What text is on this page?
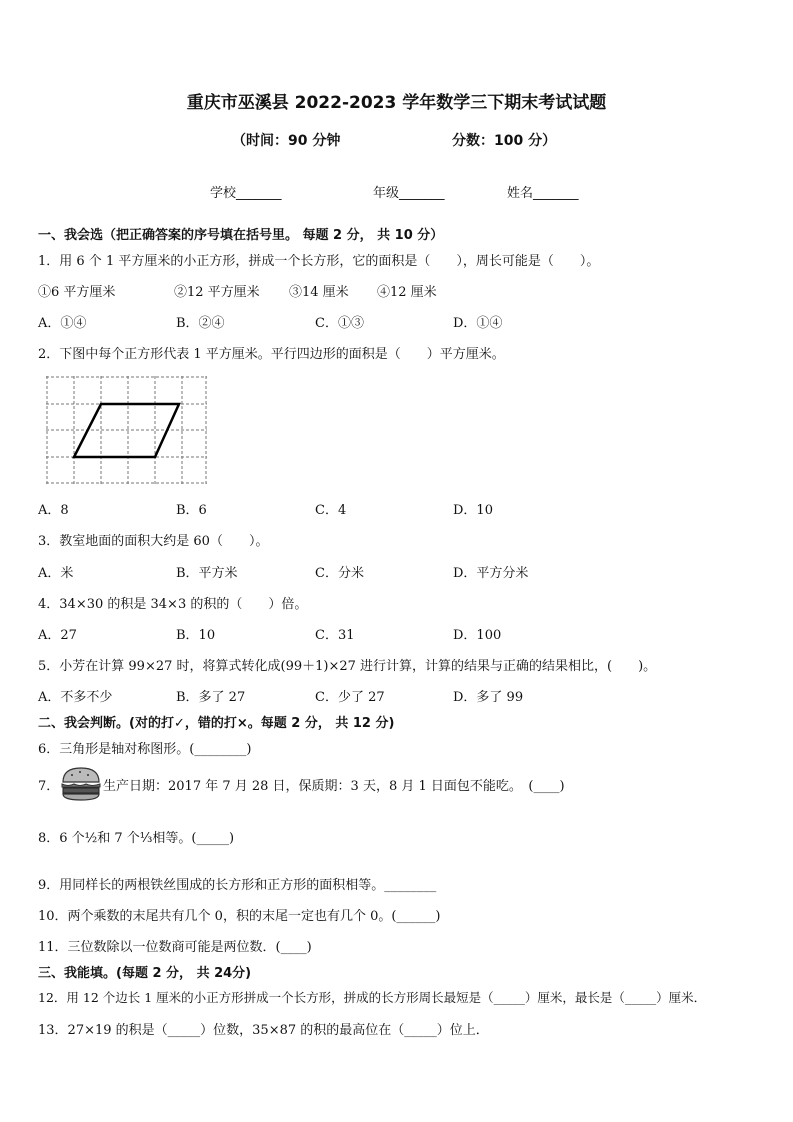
重庆市巫溪县 2022-2023 学年数学三下期末考试试题
（时间：90 分钟	分数：100 分）
学校_______	年级_______	姓名_______
一、我会选（把正确答案的序号填在括号里。 每题 2 分， 共 10 分）
1．用 6 个 1 平方厘米的小正方形，拼成一个长方形，它的面积是（　　），周长可能是（　　）。
①6 平方厘米	②12 平方厘米 ③14 厘米 ④12 厘米
A．①④	B．②④	C．①③	D．①④
2．下图中每个正方形代表 1 平方厘米。平行四边形的面积是（　　）平方厘米。
A．8	B．6	C．4	D．10
3．教室地面的面积大约是 60（　　）。
A．米	B．平方米	C．分米	D．平方分米
4．34×30 的积是 34×3 的积的（　　）倍。
A．27	B．10	C．31	D．100
5．小芳在计算 99×27 时，将算式转化成(99＋1)×27 进行计算，计算的结果与正确的结果相比，(　　)。
A．不多不少	B．多了 27	C．少了 27	D．多了 99
二、我会判断。(对的打✓，错的打×。每题 2 分， 共 12 分)
6．三角形是轴对称图形。(________)
7．	生产日期：2017 年 7 月 28 日，保质期：3 天，8 月 1 日面包不能吃。　(____)
8．6 个½和 7 个⅓相等。(_____)
9．用同样长的两根铁丝围成的长方形和正方形的面积相等。________
10．两个乘数的末尾共有几个 0，积的末尾一定也有几个 0。(______)
11．三位数除以一位数商可能是两位数．(____)
三、我能填。(每题 2 分， 共 24分)
12．用 12 个边长 1 厘米的小正方形拼成一个长方形，拼成的长方形周长最短是（_____）厘米，最长是（_____）厘米．
13．27×19 的积是（_____）位数，35×87 的积的最高位在（_____）位上．
